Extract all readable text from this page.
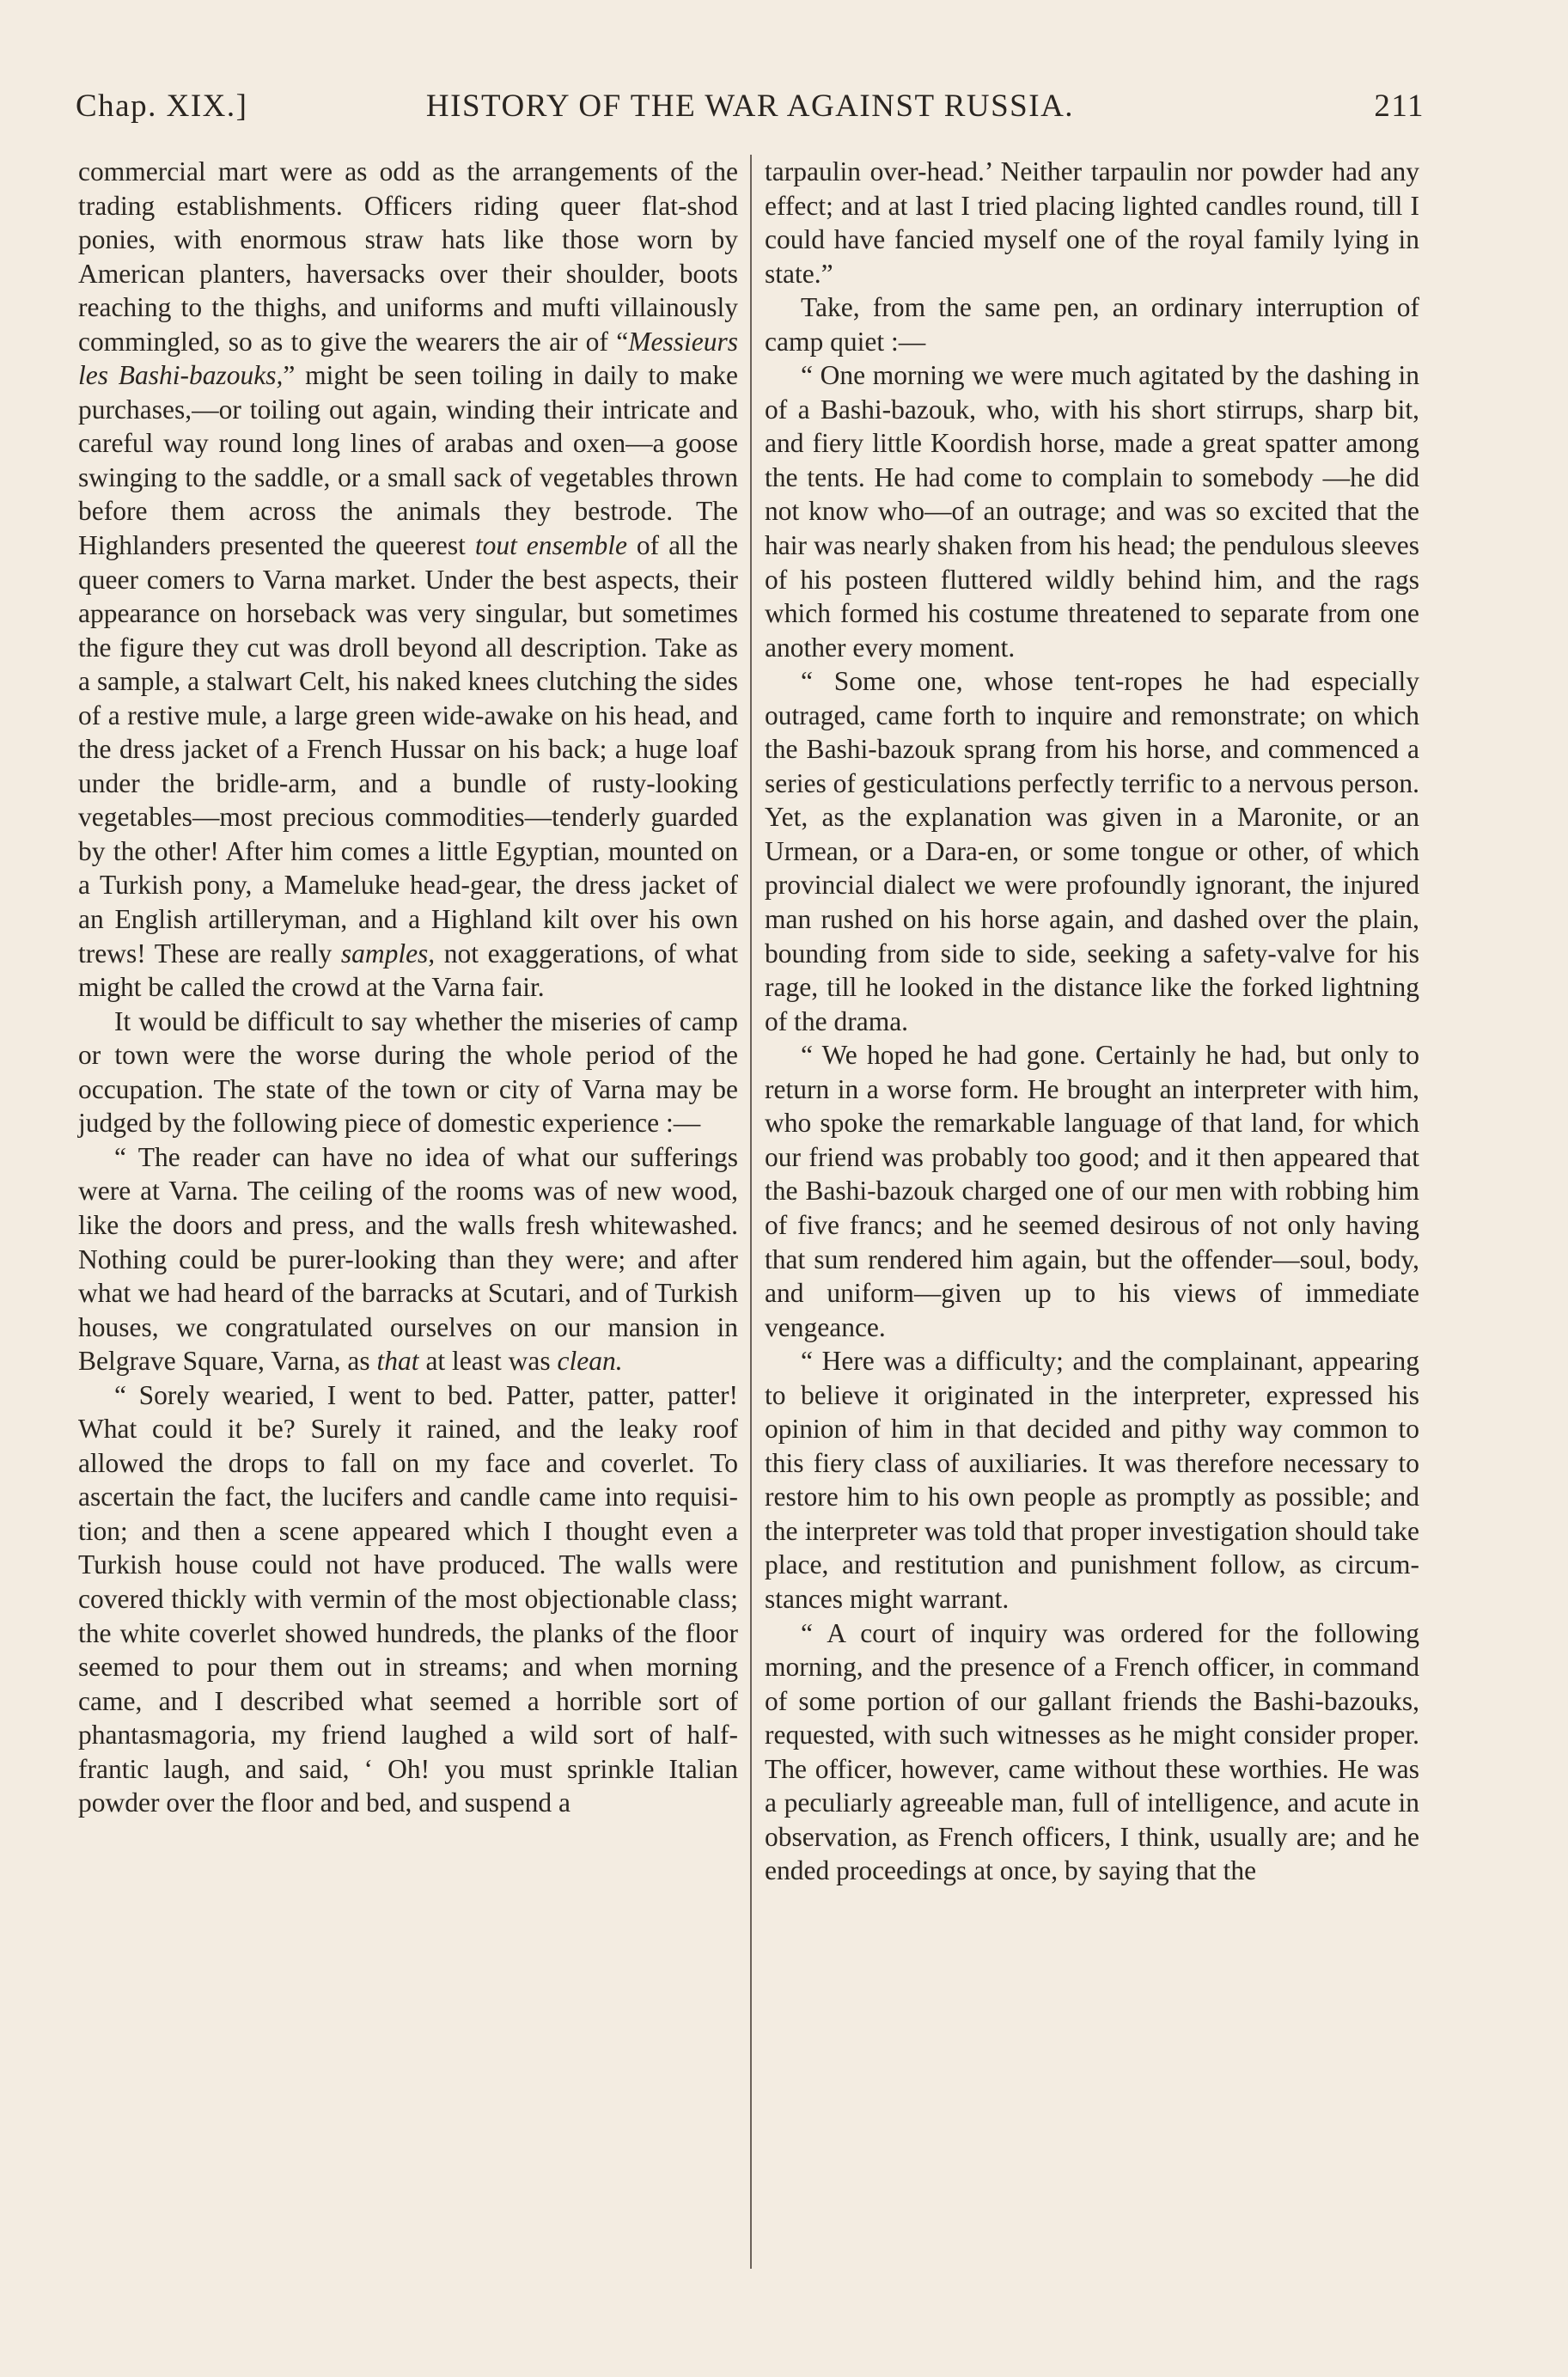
Chap. XIX.]	HISTORY OF THE WAR AGAINST RUSSIA.	211

commercial mart were as odd as the arrangements of the trading establishments. Officers riding queer flat-shod ponies, with enormous straw hats like those worn by American planters, haversacks over their shoulder, boots reaching to the thighs, and uniforms and mufti villainously commingled, so as to give the wearers the air of “Messieurs les Bashi-bazouks,” might be seen toiling in daily to make purchases,—or toiling out again, winding their intricate and careful way round long lines of arabas and oxen—a goose swinging to the saddle, or a small sack of vegetables thrown before them across the animals they bestrode. The Highlanders presented the queerest tout ensemble of all the queer comers to Varna market. Under the best aspects, their appearance on horseback was very singular, but sometimes the figure they cut was droll beyond all description. Take as a sample, a stalwart Celt, his naked knees clutching the sides of a restive mule, a large green wide-awake on his head, and the dress jacket of a French Hussar on his back; a huge loaf under the bridle-arm, and a bundle of rusty-looking vegetables—most precious commodities—tenderly guarded by the other! After him comes a little Egyptian, mounted on a Turkish pony, a Mameluke head-gear, the dress jacket of an English artilleryman, and a Highland kilt over his own trews! These are really samples, not exaggerations, of what might be called the crowd at the Varna fair.

It would be difficult to say whether the miseries of camp or town were the worse during the whole period of the occupation. The state of the town or city of Varna may be judged by the following piece of domestic experience :—

“ The reader can have no idea of what our sufferings were at Varna. The ceiling of the rooms was of new wood, like the doors and press, and the walls fresh whitewashed. Nothing could be purer-looking than they were; and after what we had heard of the barracks at Scutari, and of Turkish houses, we congratulated ourselves on our mansion in Belgrave Square, Varna, as that at least was clean.

“ Sorely wearied, I went to bed. Patter, patter, patter! What could it be? Surely it rained, and the leaky roof allowed the drops to fall on my face and coverlet. To ascertain the fact, the lucifers and candle came into requisition; and then a scene appeared which I thought even a Turkish house could not have produced. The walls were covered thickly with vermin of the most objectionable class; the white coverlet showed hundreds, the planks of the floor seemed to pour them out in streams; and when morning came, and I described what seemed a horrible sort of phantasmagoria, my friend laughed a wild sort of half-frantic laugh, and said, ‘ Oh! you must sprinkle Italian powder over the floor and bed, and suspend a

tarpaulin over-head.’ Neither tarpaulin nor powder had any effect; and at last I tried placing lighted candles round, till I could have fancied myself one of the royal family lying in state.”

Take, from the same pen, an ordinary interruption of camp quiet :—

“ One morning we were much agitated by the dashing in of a Bashi-bazouk, who, with his short stirrups, sharp bit, and fiery little Koordish horse, made a great spatter among the tents. He had come to complain to somebody —he did not know who—of an outrage; and was so excited that the hair was nearly shaken from his head; the pendulous sleeves of his posteen fluttered wildly behind him, and the rags which formed his costume threatened to separate from one another every moment.

“ Some one, whose tent-ropes he had especially outraged, came forth to inquire and remonstrate; on which the Bashi-bazouk sprang from his horse, and commenced a series of gesticulations perfectly terrific to a nervous person. Yet, as the explanation was given in a Maronite, or an Urmean, or a Dara-en, or some tongue or other, of which provincial dialect we were profoundly ignorant, the injured man rushed on his horse again, and dashed over the plain, bounding from side to side, seeking a safety-valve for his rage, till he looked in the distance like the forked lightning of the drama.

“ We hoped he had gone. Certainly he had, but only to return in a worse form. He brought an interpreter with him, who spoke the remarkable language of that land, for which our friend was probably too good; and it then appeared that the Bashi-bazouk charged one of our men with robbing him of five francs; and he seemed desirous of not only having that sum rendered him again, but the offender—soul, body, and uniform—given up to his views of immediate vengeance.

“ Here was a difficulty; and the complainant, appearing to believe it originated in the interpreter, expressed his opinion of him in that decided and pithy way common to this fiery class of auxiliaries. It was therefore necessary to restore him to his own people as promptly as possible; and the interpreter was told that proper investigation should take place, and restitution and punishment follow, as circumstances might warrant.

“ A court of inquiry was ordered for the following morning, and the presence of a French officer, in command of some portion of our gallant friends the Bashi-bazouks, requested, with such witnesses as he might consider proper. The officer, however, came without these worthies. He was a peculiarly agreeable man, full of intelligence, and acute in observation, as French officers, I think, usually are; and he ended proceedings at once, by saying that the
